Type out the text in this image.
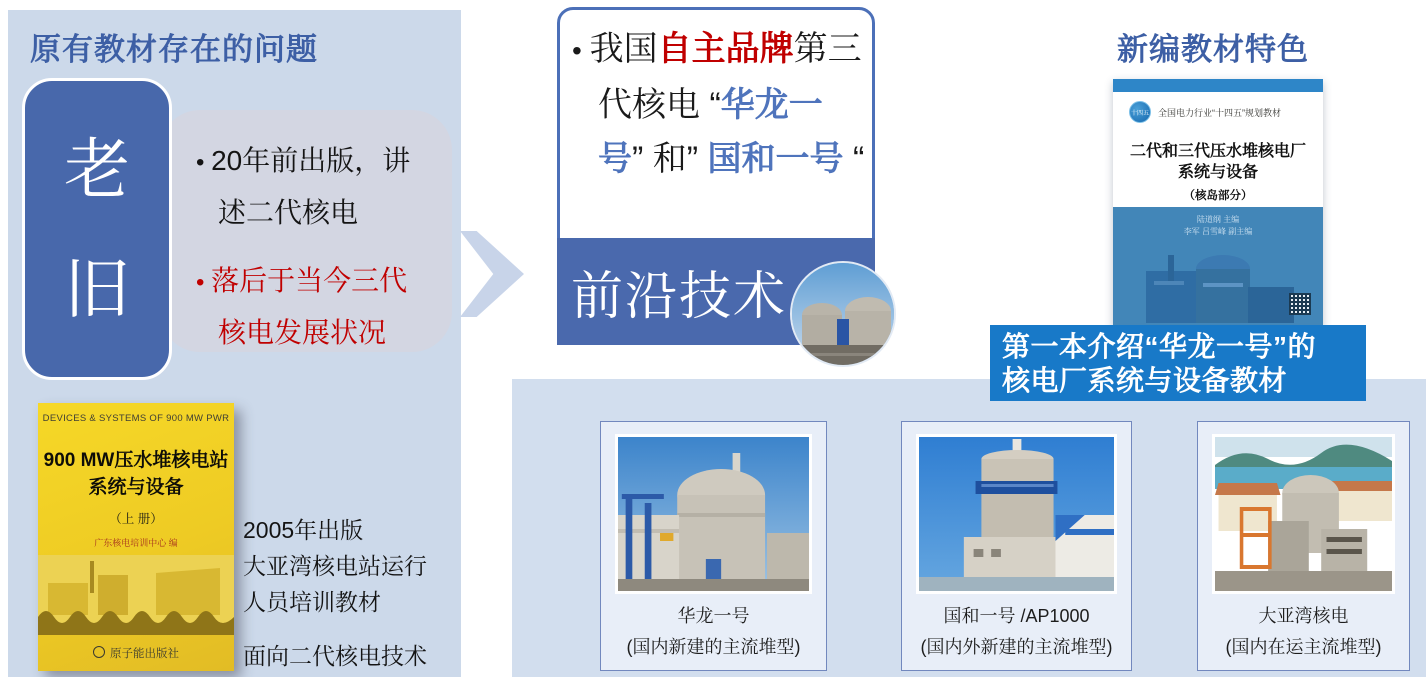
原有教材存在的问题
老
旧

• 20年前出版，讲述二代核电

• 落后于当今三代核电发展状况

DEVICES & SYSTEMS OF 900 MW PWR
900 MW压水堆核电站
系统与设备
（上 册）
广东核电培训中心 编
原子能出版社
2005年出版
大亚湾核电站运行
人员培训教材
面向二代核电技术

• 我国自主品牌第三代核电 “华龙一号” 和” 国和一号 “

前沿技术
新编教材特色
十四五 全国电力行业“十四五”规划教材
二代和三代压水堆核电厂
系统与设备
（核岛部分）
陆道纲 主编
李军 吕雪峰 副主编
第一本介绍“华龙一号”的
核电厂系统与设备教材
华龙一号
(国内新建的主流堆型)
国和一号 /AP1000
(国内外新建的主流堆型)
大亚湾核电
(国内在运主流堆型)
